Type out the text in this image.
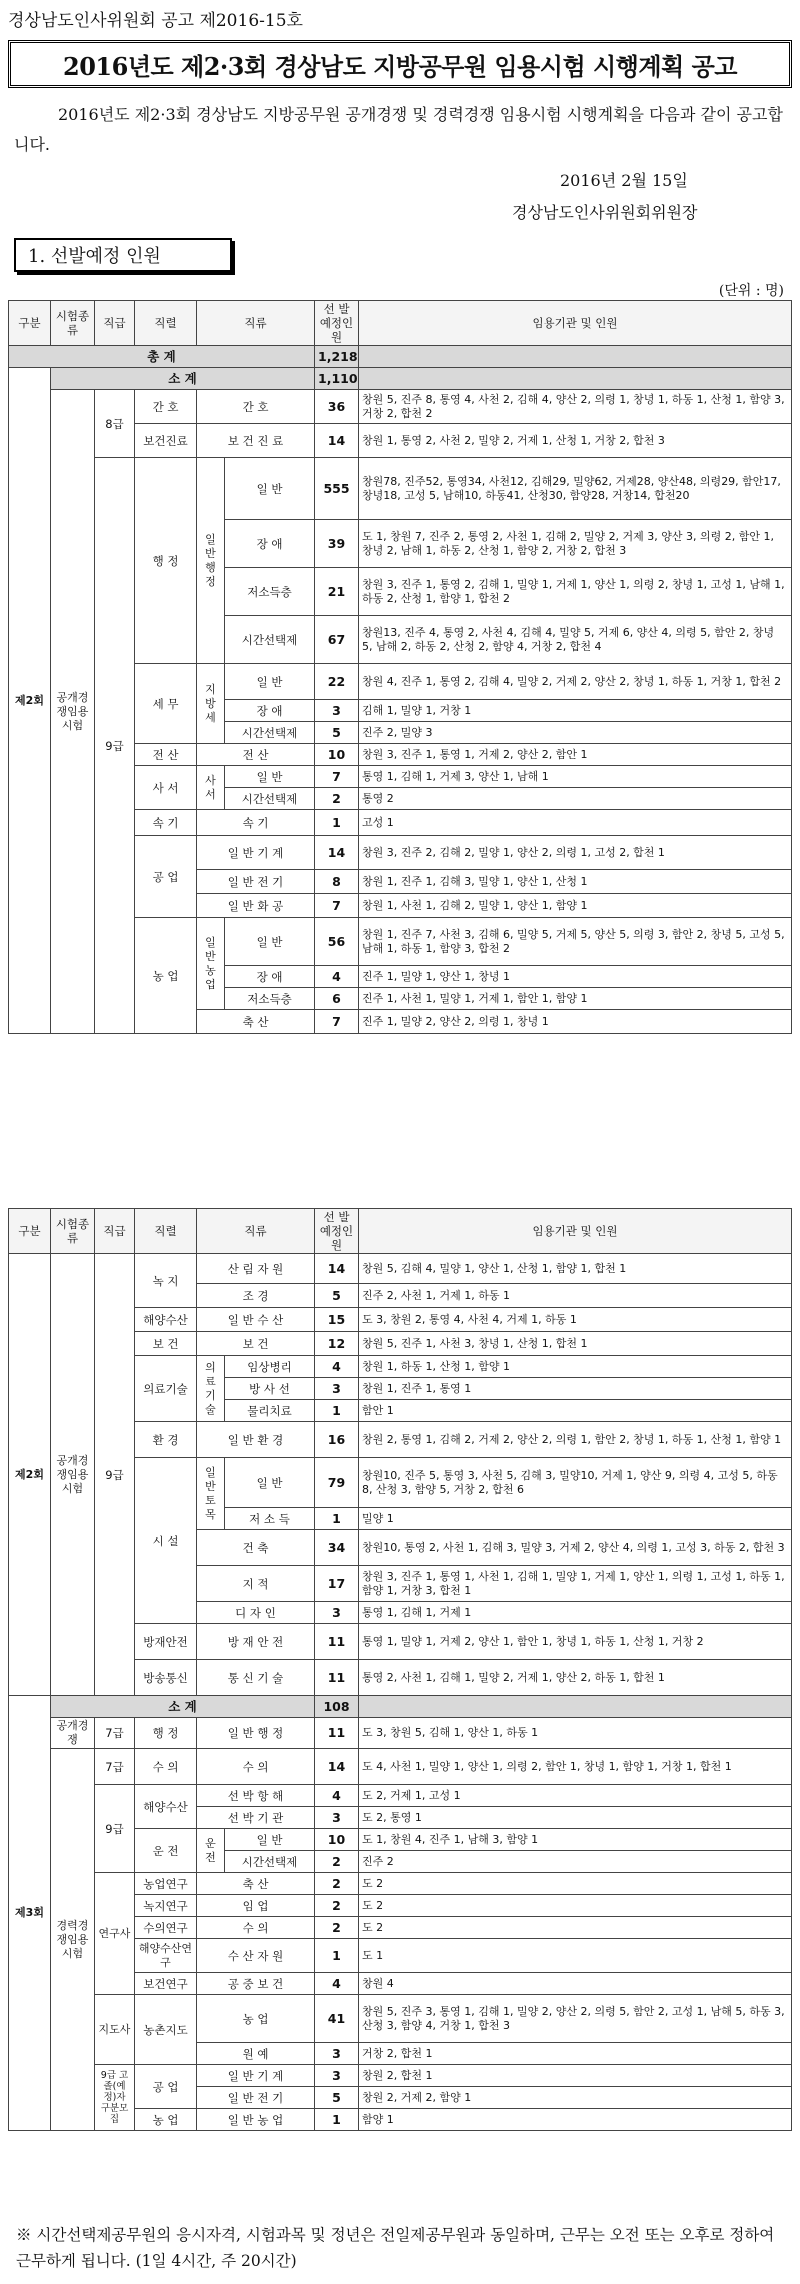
경상남도인사위원회 공고 제2016-15호
2016년도 제2·3회 경상남도 지방공무원 임용시험 시행계획 공고
2016년도 제2·3회 경상남도 지방공무원 공개경쟁 및 경력경쟁 임용시험 시행계획을 다음과 같이 공고합니다.
2016년 2월 15일
경상남도인사위원회위원장
1. 선발예정 인원
(단위 : 명)
구분	시험종류	직급	직렬	직류		선 발 예정인원	임용기관 및 인원
총 계						1,218	
제2회	소 계					1,110	
	공개경쟁임용시험	8급	간 호	간 호		36	창원 5, 진주 8, 통영 4, 사천 2, 김해 4, 양산 2, 의령 1, 창녕 1, 하동 1, 산청 1, 함양 3, 거창 2, 합천 2
			보건진료	보 건 진 료		14	창원 1, 통영 2, 사천 2, 밀양 2, 거제 1, 산청 1, 거창 2, 합천 3
		9급	행 정	일반행정	일 반	555	창원78, 진주52, 통영34, 사천12, 김해29, 밀양62, 거제28, 양산48, 의령29, 함안17, 창녕18, 고성 5, 남해10, 하동41, 산청30, 함양28, 거창14, 합천20
					장 애	39	도 1, 창원 7, 진주 2, 통영 2, 사천 1, 김해 2, 밀양 2, 거제 3, 양산 3, 의령 2, 함안 1, 창녕 2, 남해 1, 하동 2, 산청 1, 함양 2, 거창 2, 합천 3
					저소득층	21	창원 3, 진주 1, 통영 2, 김해 1, 밀양 1, 거제 1, 양산 1, 의령 2, 창녕 1, 고성 1, 남해 1, 하동 2, 산청 1, 함양 1, 합천 2
					시간선택제	67	창원13, 진주 4, 통영 2, 사천 4, 김해 4, 밀양 5, 거제 6, 양산 4, 의령 5, 함안 2, 창녕 5, 남해 2, 하동 2, 산청 2, 함양 4, 거창 2, 합천 4
			세 무	지방세	일 반	22	창원 4, 진주 1, 통영 2, 김해 4, 밀양 2, 거제 2, 양산 2, 창녕 1, 하동 1, 거창 1, 합천 2
					장 애	3	김해 1, 밀양 1, 거창 1
					시간선택제	5	진주 2, 밀양 3
			전 산	전 산		10	창원 3, 진주 1, 통영 1, 거제 2, 양산 2, 함안 1
			사 서	사서	일 반	7	통영 1, 김해 1, 거제 3, 양산 1, 남해 1
					시간선택제	2	통영 2
			속 기	속 기		1	고성 1
			공 업	일 반 기 계		14	창원 3, 진주 2, 김해 2, 밀양 1, 양산 2, 의령 1, 고성 2, 합천 1
				일 반 전 기		8	창원 1, 진주 1, 김해 3, 밀양 1, 양산 1, 산청 1
				일 반 화 공		7	창원 1, 사천 1, 김해 2, 밀양 1, 양산 1, 함양 1
			농 업	일반농업	일 반	56	창원 1, 진주 7, 사천 3, 김해 6, 밀양 5, 거제 5, 양산 5, 의령 3, 함안 2, 창녕 5, 고성 5, 남해 1, 하동 1, 함양 3, 합천 2
					장 애	4	진주 1, 밀양 1, 양산 1, 창녕 1
					저소득층	6	진주 1, 사천 1, 밀양 1, 거제 1, 함안 1, 함양 1
				축 산		7	진주 1, 밀양 2, 양산 2, 의령 1, 창녕 1
구분	시험종류	직급	직렬	직류		선 발 예정인원	임용기관 및 인원
제2회	공개경쟁임용시험	9급	녹 지	산 림 자 원		14	창원 5, 김해 4, 밀양 1, 양산 1, 산청 1, 함양 1, 합천 1
				조 경		5	진주 2, 사천 1, 거제 1, 하동 1
			해양수산	일 반 수 산		15	도 3, 창원 2, 통영 4, 사천 4, 거제 1, 하동 1
			보 건	보 건		12	창원 5, 진주 1, 사천 3, 창녕 1, 산청 1, 합천 1
			의료기술	의료기술	임상병리	4	창원 1, 하동 1, 산청 1, 함양 1
					방 사 선	3	창원 1, 진주 1, 통영 1
					물리치료	1	함안 1
			환 경	일 반 환 경		16	창원 2, 통영 1, 김해 2, 거제 2, 양산 2, 의령 1, 함안 2, 창녕 1, 하동 1, 산청 1, 함양 1
			시 설	일반토목	일 반	79	창원10, 진주 5, 통영 3, 사천 5, 김해 3, 밀양10, 거제 1, 양산 9, 의령 4, 고성 5, 하동 8, 산청 3, 함양 5, 거창 2, 합천 6
					저 소 득	1	밀양 1
				건 축		34	창원10, 통영 2, 사천 1, 김해 3, 밀양 3, 거제 2, 양산 4, 의령 1, 고성 3, 하동 2, 합천 3
				지 적		17	창원 3, 진주 1, 통영 1, 사천 1, 김해 1, 밀양 1, 거제 1, 양산 1, 의령 1, 고성 1, 하동 1, 함양 1, 거창 3, 합천 1
				디 자 인		3	통영 1, 김해 1, 거제 1
			방재안전	방 재 안 전		11	통영 1, 밀양 1, 거제 2, 양산 1, 함안 1, 창녕 1, 하동 1, 산청 1, 거창 2
			방송통신	통 신 기 술		11	통영 2, 사천 1, 김해 1, 밀양 2, 거제 1, 양산 2, 하동 1, 합천 1
제3회	소 계					108	
	공개경쟁	7급	행 정	일 반 행 정		11	도 3, 창원 5, 김해 1, 양산 1, 하동 1
	경력경쟁임용시험	7급	수 의	수 의		14	도 4, 사천 1, 밀양 1, 양산 1, 의령 2, 함안 1, 창녕 1, 함양 1, 거창 1, 합천 1
		9급	해양수산	선 박 항 해		4	도 2, 거제 1, 고성 1
				선 박 기 관		3	도 2, 통영 1
			운 전	운전	일 반	10	도 1, 창원 4, 진주 1, 남해 3, 함양 1
					시간선택제	2	진주 2
		연구사	농업연구	축 산		2	도 2
			녹지연구	임 업		2	도 2
			수의연구	수 의		2	도 2
			해양수산연구	수 산 자 원		1	도 1
			보건연구	공 중 보 건		4	창원 4
		지도사	농촌지도	농 업		41	창원 5, 진주 3, 통영 1, 김해 1, 밀양 2, 양산 2, 의령 5, 함안 2, 고성 1, 남해 5, 하동 3, 산청 3, 함양 4, 거창 1, 합천 3
				원 예		3	거창 2, 합천 1
		9급 고졸(예정)자 구분모집	공 업	일 반 기 계		3	창원 2, 합천 1
				일 반 전 기		5	창원 2, 거제 2, 함양 1
			농 업	일 반 농 업		1	함양 1
※ 시간선택제공무원의 응시자격, 시험과목 및 정년은 전일제공무원과 동일하며, 근무는 오전 또는 오후로 정하여 근무하게 됩니다. (1일 4시간, 주 20시간)
